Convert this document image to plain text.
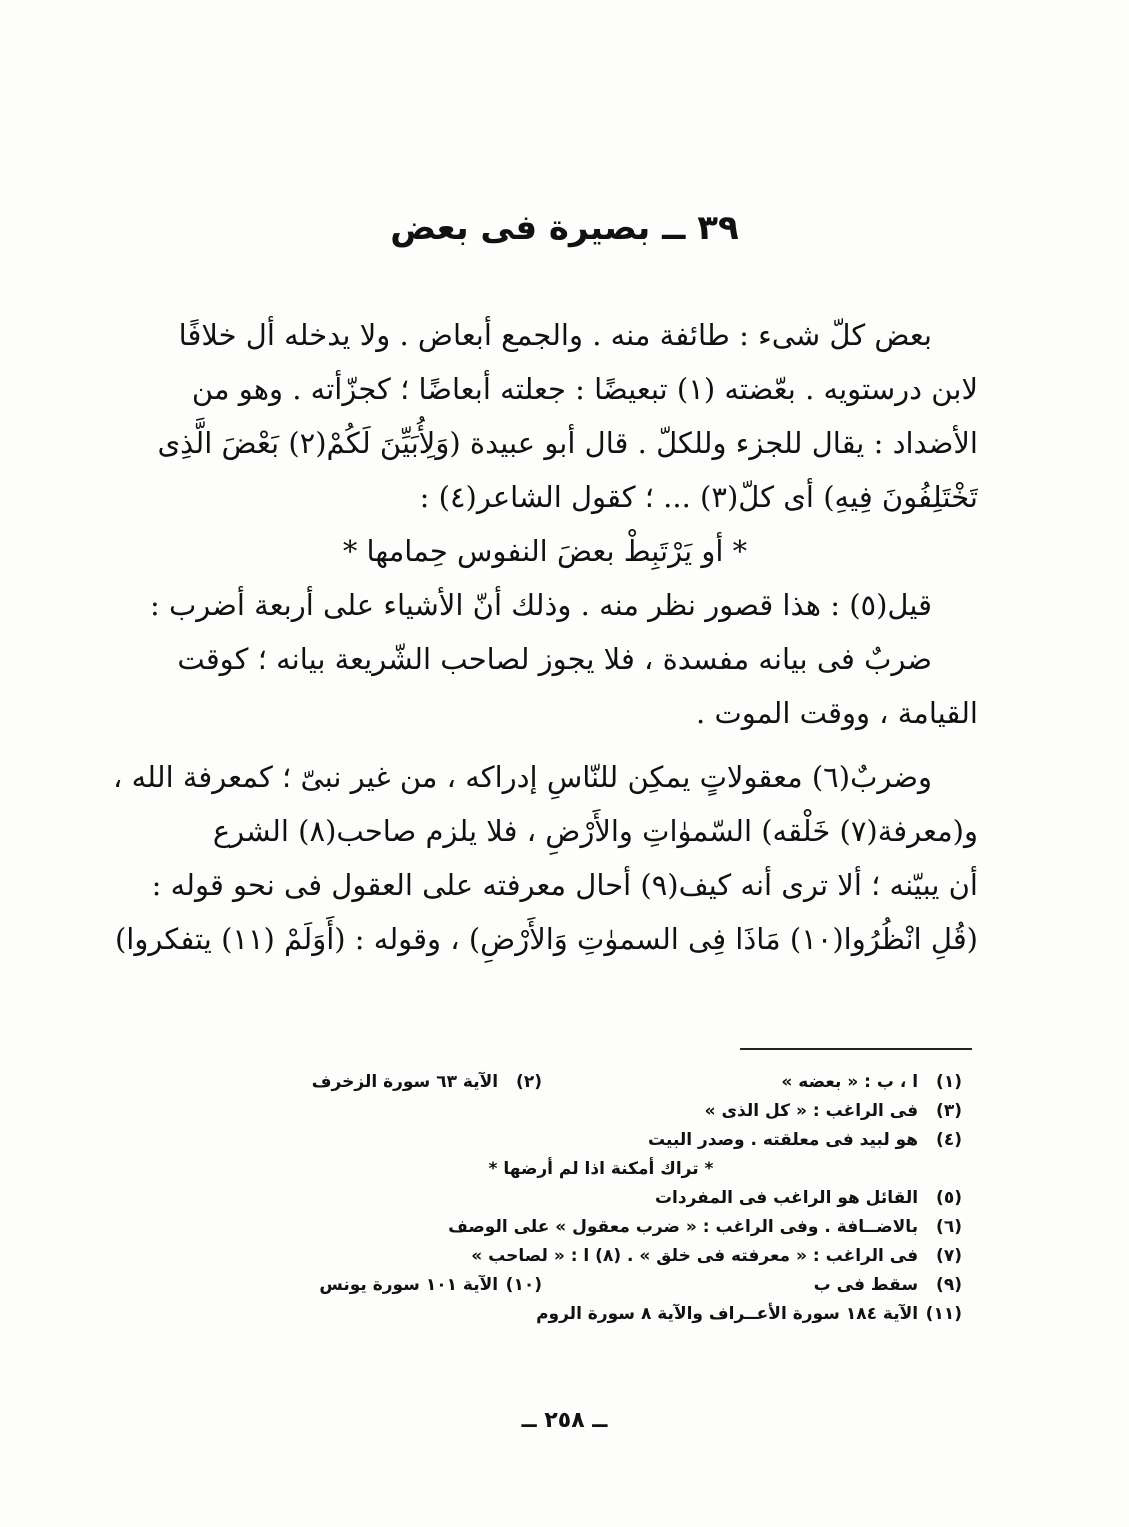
٣٩ ــ بصيرة فى بعض
بعض كلّ شىء : طائفة منه . والجمع أبعاض . ولا يدخله أل خلافًا
لابن درستويه . بعّضته (١) تبعيضًا : جعلته أبعاضًا ؛ كجزّأته . وهو من
الأضداد : يقال للجزء وللكلّ . قال أبو عبيدة (وَلِأُبَيِّنَ لَكُمْ(٢) بَعْضَ الَّذِى
تَخْتَلِفُونَ فِيهِ) أى كلّ(٣) ... ؛ كقول الشاعر(٤) :
* أو يَرْتَبِطْ بعضَ النفوس حِمامها *
قيل(٥) : هذا قصور نظر منه . وذلك أنّ الأشياء على أربعة أضرب :
ضربٌ فى بيانه مفسدة ، فلا يجوز لصاحب الشّريعة بيانه ؛ كوقت
القيامة ، ووقت الموت .
وضربٌ(٦) معقولاتٍ يمكِن للنّاسِ إدراكه ، من غير نبىّ ؛ كمعرفة الله ،
و(معرفة(٧) خَلْقه) السّموٰاتِ والأَرْضِ ، فلا يلزم صاحب(٨) الشرع
أن يبيّنه ؛ ألا ترى أنه كيف(٩) أحال معرفته على العقول فى نحو قوله :
(قُلِ انْظُرُوا(١٠) مَاذَا فِى السموٰتِ وَالأَرْضِ) ، وقوله : (أَوَلَمْ (١١) يتفكروا)
(١) ا ، ب : « بعضه »
(٢) الآية ٦٣ سورة الزخرف
(٣) فى الراغب : « كل الذى »
(٤) هو لبيد فى معلقته . وصدر البيت
* تراك أمكنة اذا لم أرضها *
(٥) القائل هو الراغب فى المفردات
(٦) بالاضــافة . وفى الراغب : « ضرب معقول » على الوصف
(٧) فى الراغب : « معرفته فى خلق » . (٨) ا : « لصاحب »
(٩) سقط فى ب
(١٠) الآية ١٠١ سورة يونس
(١١) الآية ١٨٤ سورة الأعــراف والآية ٨ سورة الروم
ــ ٢٥٨ ــ
